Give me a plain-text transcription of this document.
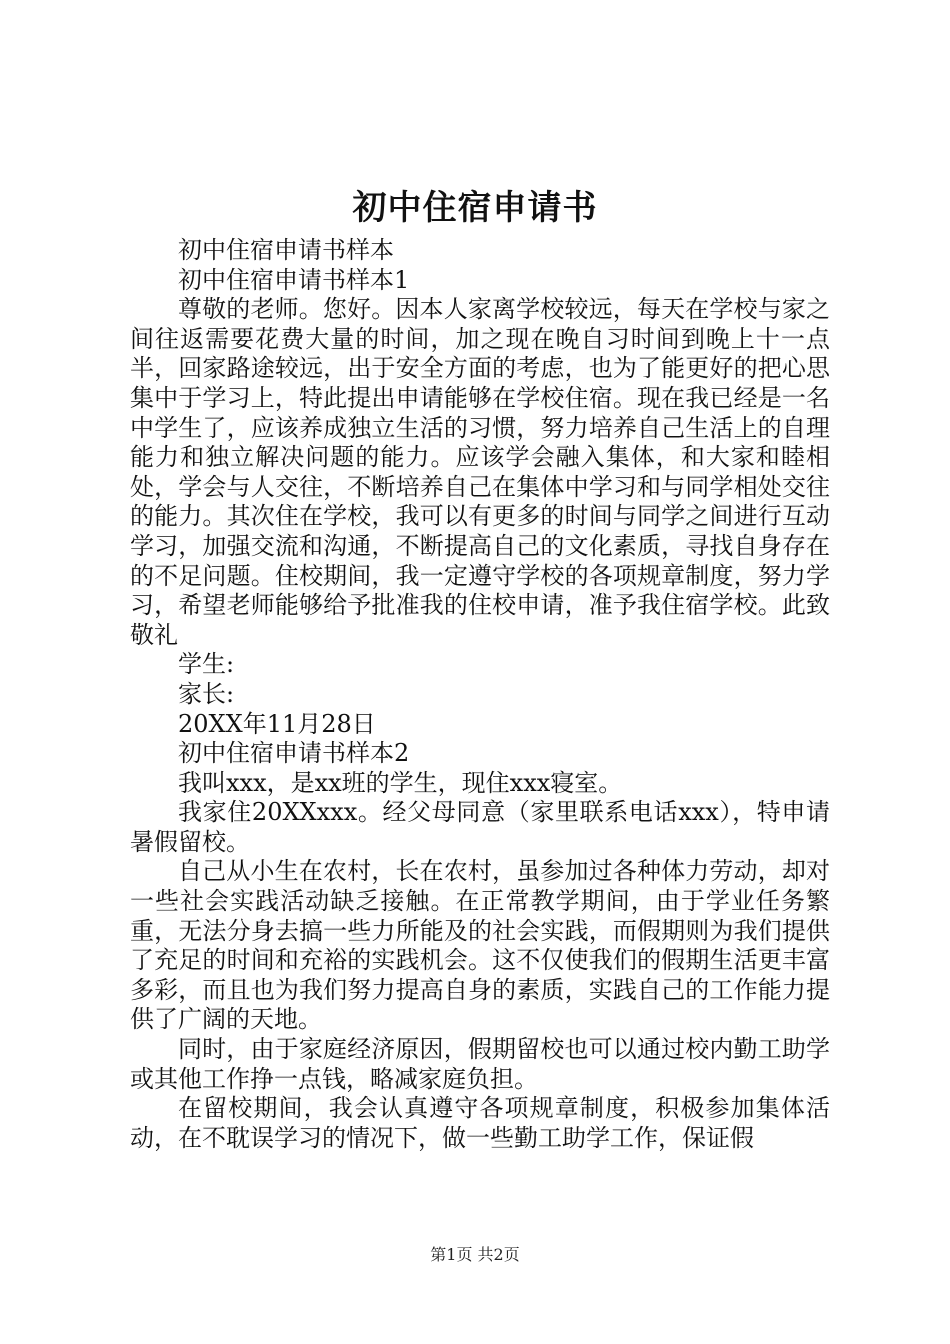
初中住宿申请书

初中住宿申请书样本

初中住宿申请书样本1

尊敬的老师。您好。因本人家离学校较远，每天在学校与家之间往返需要花费大量的时间，加之现在晚自习时间到晚上十一点半，回家路途较远，出于安全方面的考虑，也为了能更好的把心思集中于学习上，特此提出申请能够在学校住宿。现在我已经是一名中学生了，应该养成独立生活的习惯，努力培养自己生活上的自理能力和独立解决问题的能力。应该学会融入集体，和大家和睦相处，学会与人交往，不断培养自己在集体中学习和与同学相处交往的能力。其次住在学校，我可以有更多的时间与同学之间进行互动学习，加强交流和沟通，不断提高自己的文化素质，寻找自身存在的不足问题。住校期间，我一定遵守学校的各项规章制度，努力学习，希望老师能够给予批准我的住校申请，准予我住宿学校。此致敬礼

学生:

家长:

20XX年11月28日

初中住宿申请书样本2

我叫xxx，是xx班的学生，现住xxx寝室。

我家住20XXxxx。经父母同意（家里联系电话xxx），特申请暑假留校。

自己从小生在农村，长在农村，虽参加过各种体力劳动，却对一些社会实践活动缺乏接触。在正常教学期间，由于学业任务繁重，无法分身去搞一些力所能及的社会实践，而假期则为我们提供了充足的时间和充裕的实践机会。这不仅使我们的假期生活更丰富多彩，而且也为我们努力提高自身的素质，实践自己的工作能力提供了广阔的天地。

同时，由于家庭经济原因，假期留校也可以通过校内勤工助学或其他工作挣一点钱，略减家庭负担。

在留校期间，我会认真遵守各项规章制度，积极参加集体活动，在不耽误学习的情况下，做一些勤工助学工作，保证假

第1页 共2页
